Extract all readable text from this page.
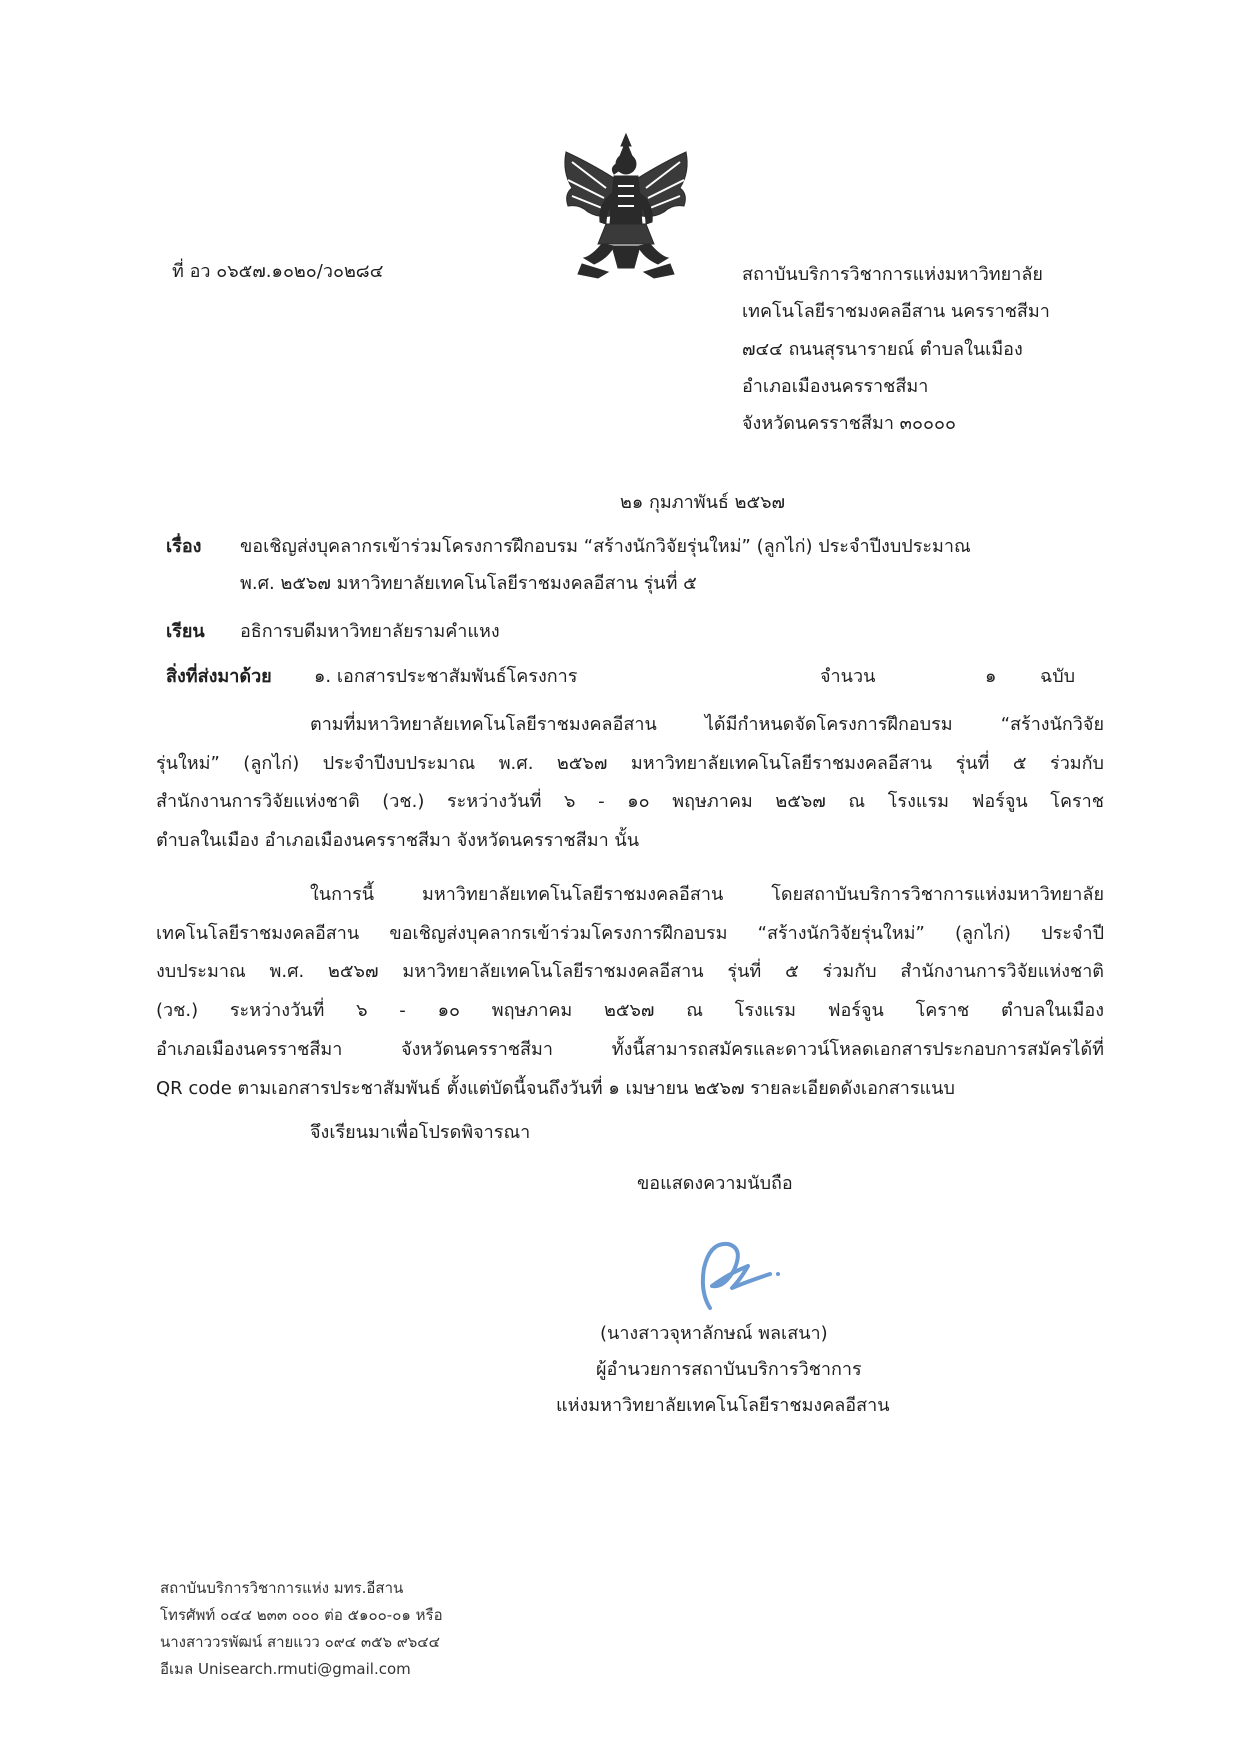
ที่ อว ๐๖๕๗.๑๐๒๐/ว๐๒๘๔	สถาบันบริการวิชาการแห่งมหาวิทยาลัย
เทคโนโลยีราชมงคลอีสาน นครราชสีมา
๗๔๔ ถนนสุรนารายณ์ ตำบลในเมือง
อำเภอเมืองนครราชสีมา
จังหวัดนครราชสีมา ๓๐๐๐๐
๒๑ กุมภาพันธ์ ๒๕๖๗
เรื่อง ขอเชิญส่งบุคลากรเข้าร่วมโครงการฝึกอบรม “สร้างนักวิจัยรุ่นใหม่” (ลูกไก่) ประจำปีงบประมาณ
พ.ศ. ๒๕๖๗ มหาวิทยาลัยเทคโนโลยีราชมงคลอีสาน รุ่นที่ ๕
เรียน อธิการบดีมหาวิทยาลัยรามคำแหง
สิ่งที่ส่งมาด้วย ๑. เอกสารประชาสัมพันธ์โครงการ	จำนวน	๑ ฉบับ
ตามที่มหาวิทยาลัยเทคโนโลยีราชมงคลอีสาน ได้มีกำหนดจัดโครงการฝึกอบรม “สร้างนักวิจัย
รุ่นใหม่” (ลูกไก่) ประจำปีงบประมาณ พ.ศ. ๒๕๖๗ มหาวิทยาลัยเทคโนโลยีราชมงคลอีสาน รุ่นที่ ๕ ร่วมกับ
สำนักงานการวิจัยแห่งชาติ (วช.) ระหว่างวันที่ ๖ - ๑๐ พฤษภาคม ๒๕๖๗ ณ โรงแรม ฟอร์จูน โคราช
ตำบลในเมือง อำเภอเมืองนครราชสีมา จังหวัดนครราชสีมา นั้น
ในการนี้ มหาวิทยาลัยเทคโนโลยีราชมงคลอีสาน โดยสถาบันบริการวิชาการแห่งมหาวิทยาลัย
เทคโนโลยีราชมงคลอีสาน ขอเชิญส่งบุคลากรเข้าร่วมโครงการฝึกอบรม “สร้างนักวิจัยรุ่นใหม่” (ลูกไก่) ประจำปี
งบประมาณ พ.ศ. ๒๕๖๗ มหาวิทยาลัยเทคโนโลยีราชมงคลอีสาน รุ่นที่ ๕ ร่วมกับ สำนักงานการวิจัยแห่งชาติ
(วช.) ระหว่างวันที่ ๖ - ๑๐ พฤษภาคม ๒๕๖๗ ณ โรงแรม ฟอร์จูน โคราช ตำบลในเมือง
อำเภอเมืองนครราชสีมา จังหวัดนครราชสีมา ทั้งนี้สามารถสมัครและดาวน์โหลดเอกสารประกอบการสมัครได้ที่
QR code ตามเอกสารประชาสัมพันธ์ ตั้งแต่บัดนี้จนถึงวันที่ ๑ เมษายน ๒๕๖๗ รายละเอียดดังเอกสารแนบ
จึงเรียนมาเพื่อโปรดพิจารณา
ขอแสดงความนับถือ
(นางสาวจุหาลักษณ์ พลเสนา)
ผู้อำนวยการสถาบันบริการวิชาการ
แห่งมหาวิทยาลัยเทคโนโลยีราชมงคลอีสาน
สถาบันบริการวิชาการแห่ง มทร.อีสาน
โทรศัพท์ ๐๔๔ ๒๓๓ ๐๐๐ ต่อ ๕๑๐๐-๐๑ หรือ
นางสาววรพัฒน์ สายแวว ๐๙๔ ๓๕๖ ๙๖๔๔
อีเมล Unisearch.rmuti@gmail.com
